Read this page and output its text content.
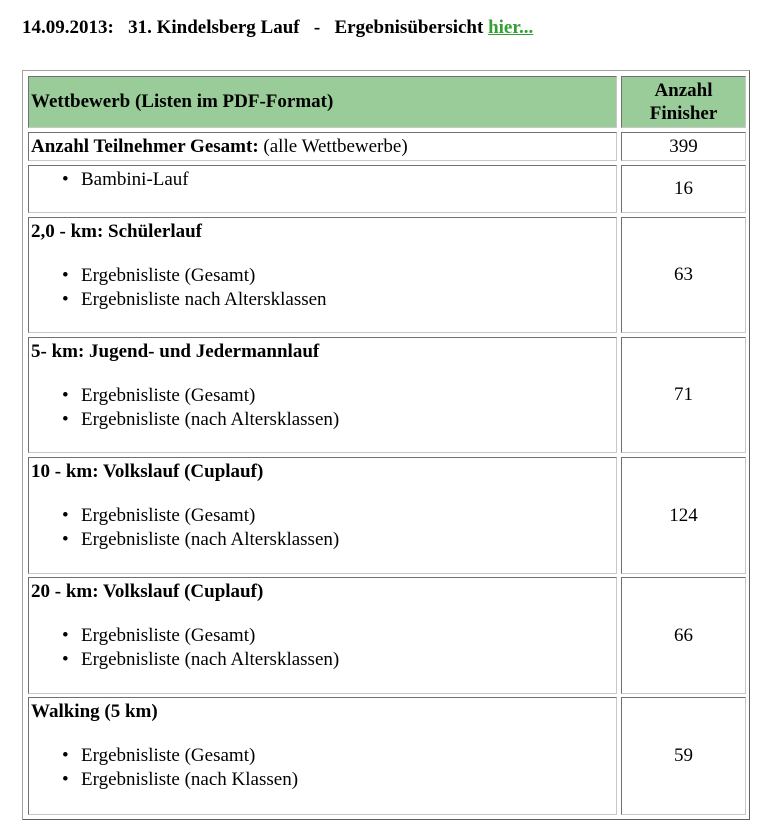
14.09.2013: 31. Kindelsberg Lauf - Ergebnisübersicht hier...
Wettbewerb (Listen im PDF-Format)
Anzahl
Finisher
Anzahl Teilnehmer Gesamt:
(alle Wettbewerbe)	399
• Bambini-Lauf	16
2,0 - km: Schülerlauf
• Ergebnisliste (Gesamt)
• Ergebnisliste nach Altersklassen
63
5- km: Jugend- und Jedermannlauf
• Ergebnisliste (Gesamt)
• Ergebnisliste (nach Altersklassen)
71
10 - km: Volkslauf (Cuplauf)
• Ergebnisliste (Gesamt)
• Ergebnisliste (nach Altersklassen)
124
20 - km: Volkslauf (Cuplauf)
• Ergebnisliste (Gesamt)
• Ergebnisliste (nach Altersklassen)
66
Walking (5 km)
• Ergebnisliste (Gesamt)
• Ergebnisliste (nach Klassen)
59
